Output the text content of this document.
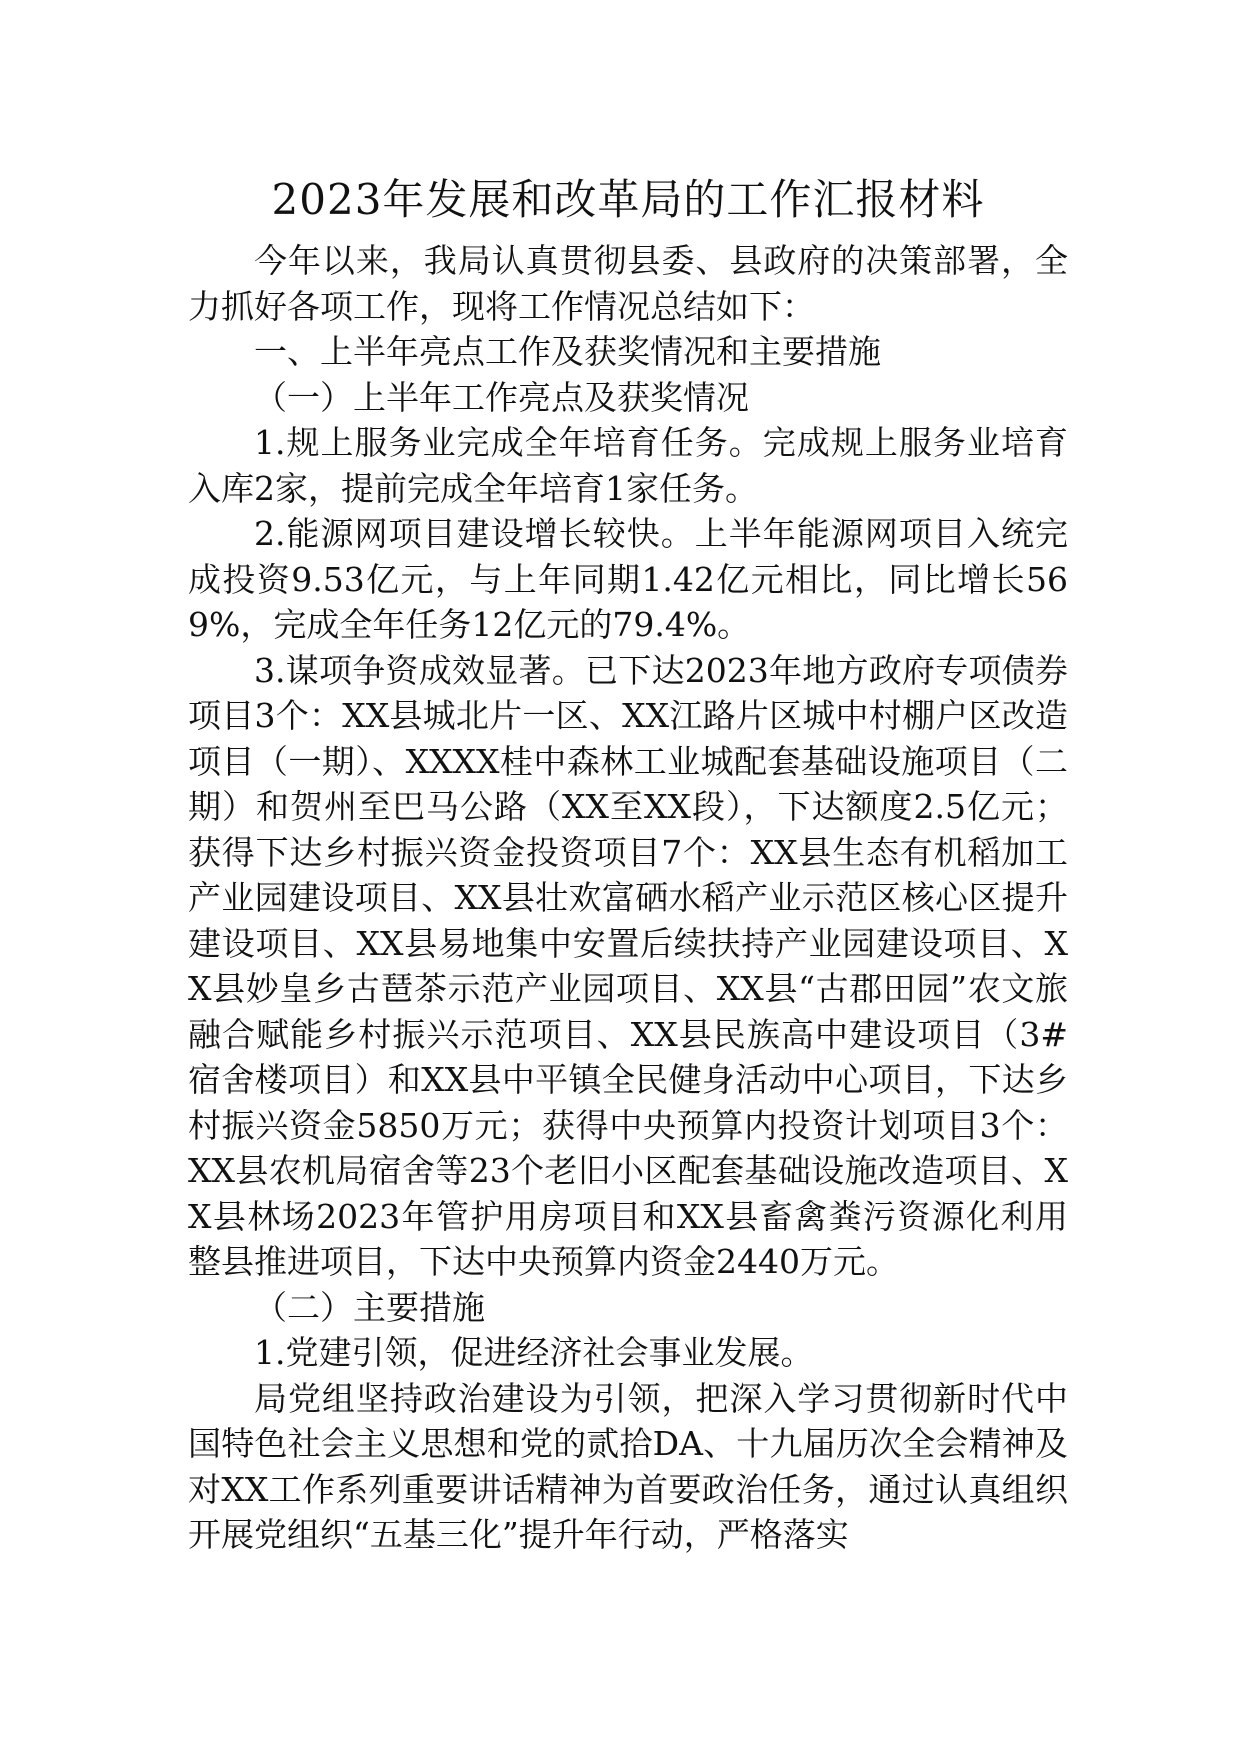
2023年发展和改革局的工作汇报材料

今年以来，我局认真贯彻县委、县政府的决策部署，全力抓好各项工作，现将工作情况总结如下：

一、上半年亮点工作及获奖情况和主要措施

（一）上半年工作亮点及获奖情况

1.规上服务业完成全年培育任务。完成规上服务业培育入库2家，提前完成全年培育1家任务。

2.能源网项目建设增长较快。上半年能源网项目入统完成投资9.53亿元，与上年同期1.42亿元相比，同比增长569%，完成全年任务12亿元的79.4%。

3.谋项争资成效显著。已下达2023年地方政府专项债券项目3个：XX县城北片一区、XX江路片区城中村棚户区改造项目（一期）、XXXX桂中森林工业城配套基础设施项目（二期）和贺州至巴马公路（XX至XX段），下达额度2.5亿元；获得下达乡村振兴资金投资项目7个：XX县生态有机稻加工产业园建设项目、XX县壮欢富硒水稻产业示范区核心区提升建设项目、XX县易地集中安置后续扶持产业园建设项目、XX县妙皇乡古琶茶示范产业园项目、XX县“古郡田园”农文旅融合赋能乡村振兴示范项目、XX县民族高中建设项目（3#宿舍楼项目）和XX县中平镇全民健身活动中心项目，下达乡村振兴资金5850万元；获得中央预算内投资计划项目3个：XX县农机局宿舍等23个老旧小区配套基础设施改造项目、XX县林场2023年管护用房项目和XX县畜禽粪污资源化利用整县推进项目，下达中央预算内资金2440万元。

（二）主要措施

1.党建引领，促进经济社会事业发展。

局党组坚持政治建设为引领，把深入学习贯彻新时代中国特色社会主义思想和党的贰拾DA、十九届历次全会精神及对XX工作系列重要讲话精神为首要政治任务，通过认真组织开展党组织“五基三化”提升年行动，严格落实
